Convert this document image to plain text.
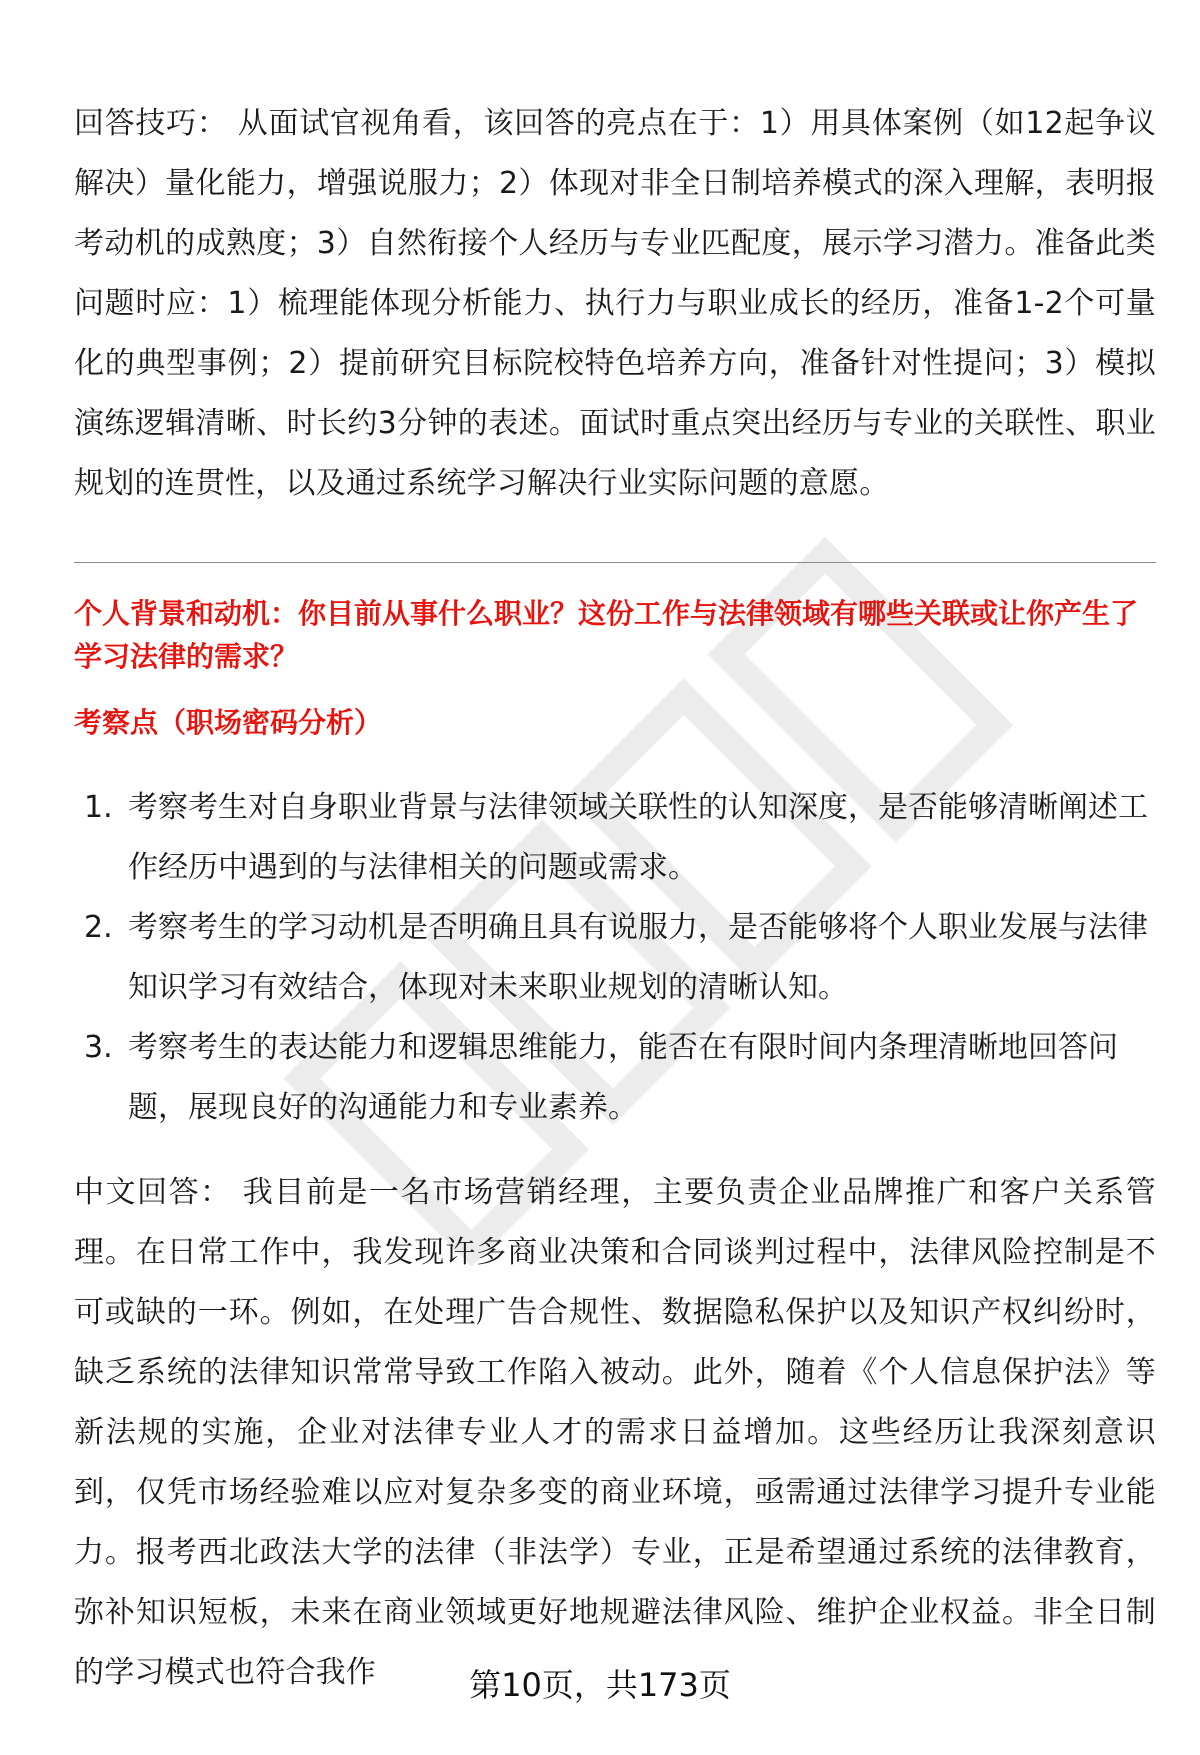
回答技巧： 从面试官视角看，该回答的亮点在于：1）用具体案例（如12起争议解决）量化能力，增强说服力；2）体现对非全日制培养模式的深入理解，表明报考动机的成熟度；3）自然衔接个人经历与专业匹配度，展示学习潜力。准备此类问题时应：1）梳理能体现分析能力、执行力与职业成长的经历，准备1-2个可量化的典型事例；2）提前研究目标院校特色培养方向，准备针对性提问；3）模拟演练逻辑清晰、时长约3分钟的表述。面试时重点突出经历与专业的关联性、职业规划的连贯性，以及通过系统学习解决行业实际问题的意愿。

个人背景和动机：你目前从事什么职业？这份工作与法律领域有哪些关联或让你产生了学习法律的需求？

考察点（职场密码分析）

1. 考察考生对自身职业背景与法律领域关联性的认知深度，是否能够清晰阐述工作经历中遇到的与法律相关的问题或需求。
2. 考察考生的学习动机是否明确且具有说服力，是否能够将个人职业发展与法律知识学习有效结合，体现对未来职业规划的清晰认知。
3. 考察考生的表达能力和逻辑思维能力，能否在有限时间内条理清晰地回答问题，展现良好的沟通能力和专业素养。

中文回答： 我目前是一名市场营销经理，主要负责企业品牌推广和客户关系管理。在日常工作中，我发现许多商业决策和合同谈判过程中，法律风险控制是不可或缺的一环。例如，在处理广告合规性、数据隐私保护以及知识产权纠纷时，缺乏系统的法律知识常常导致工作陷入被动。此外，随着《个人信息保护法》等新法规的实施，企业对法律专业人才的需求日益增加。这些经历让我深刻意识到，仅凭市场经验难以应对复杂多变的商业环境，亟需通过法律学习提升专业能力。报考西北政法大学的法律（非法学）专业，正是希望通过系统的法律教育，弥补知识短板，未来在商业领域更好地规避法律风险、维护企业权益。非全日制的学习模式也符合我作	第10页，共173页
